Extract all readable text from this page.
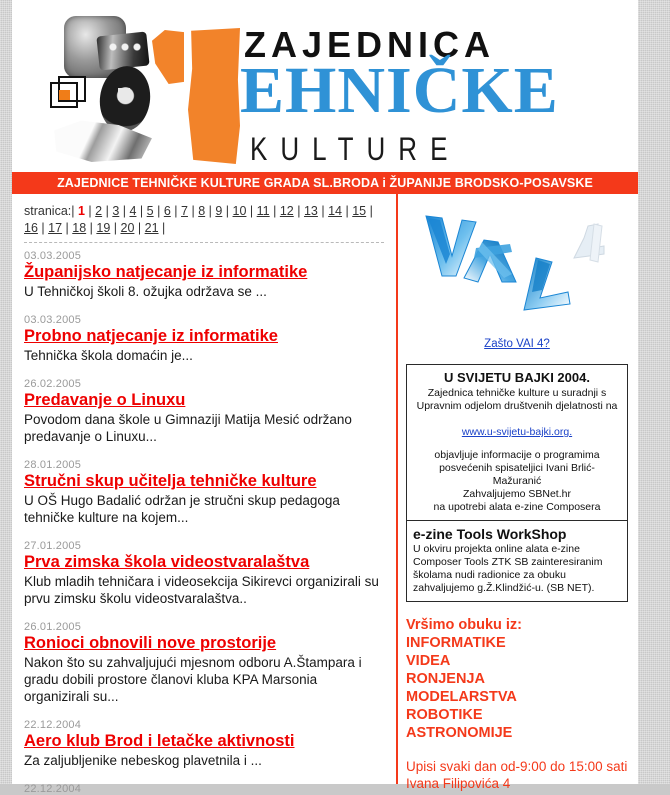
ZAJEDNICA
EHNIČKE
KULTURE
ZAJEDNICE TEHNIČKE KULTURE GRADA SL.BRODA i ŽUPANIJE BRODSKO-POSAVSKE
stranica:| 1 | 2 | 3 | 4 | 5 | 6 | 7 | 8 | 9 | 10 | 11 | 12 | 13 | 14 | 15 | 16 | 17 | 18 | 19 | 20 | 21 |
03.03.2005
Županijsko natjecanje iz informatike
U Tehničkoj školi 8. ožujka održava se ...
03.03.2005
Probno natjecanje iz informatike
Tehnička škola domaćin je...
26.02.2005
Predavanje o Linuxu
Povodom dana škole u Gimnaziji Matija Mesić održano predavanje o Linuxu...
28.01.2005
Stručni skup učitelja tehničke kulture
U OŠ Hugo Badalić održan je stručni skup pedagoga tehničke kulture na kojem...
27.01.2005
Prva zimska škola videostvaralaštva
Klub mladih tehničara i videosekcija Sikirevci organizirali su prvu zimsku školu videostvaralaštva..
26.01.2005
Ronioci obnovili nove prostorije
Nakon što su zahvaljujući mjesnom odboru A.Štampara i gradu dobili prostore članovi kluba KPA Marsonia organizirali su...
22.12.2004
Aero klub Brod i letačke aktivnosti
Za zaljubljenike nebeskog plavetnila i ...
22.12.2004
Zašto VAI 4?
U SVIJETU BAJKI 2004.
Zajednica tehničke kulture u suradnji s
Upravnim odjelom društvenih djelatnosti na
www.u-svijetu-bajki.org.
objavljuje informacije o programima
posvećenih spisateljici Ivani Brlić-
Mažuranić
Zahvaljujemo SBNet.hr
na upotrebi alata e-zine Composera
e-zine Tools WorkShop
U okviru projekta online alata e-zine
Composer Tools ZTK SB zainteresiranim
školama nudi radionice za obuku
zahvaljujemo g.Ž.Klindžić-u. (SB NET).
Vršimo obuku iz:
INFORMATIKE
VIDEA
RONJENJA
MODELARSTVA
ROBOTIKE
ASTRONOMIJE
Upisi svaki dan od-9:00 do 15:00 sati
Ivana Filipovića 4
